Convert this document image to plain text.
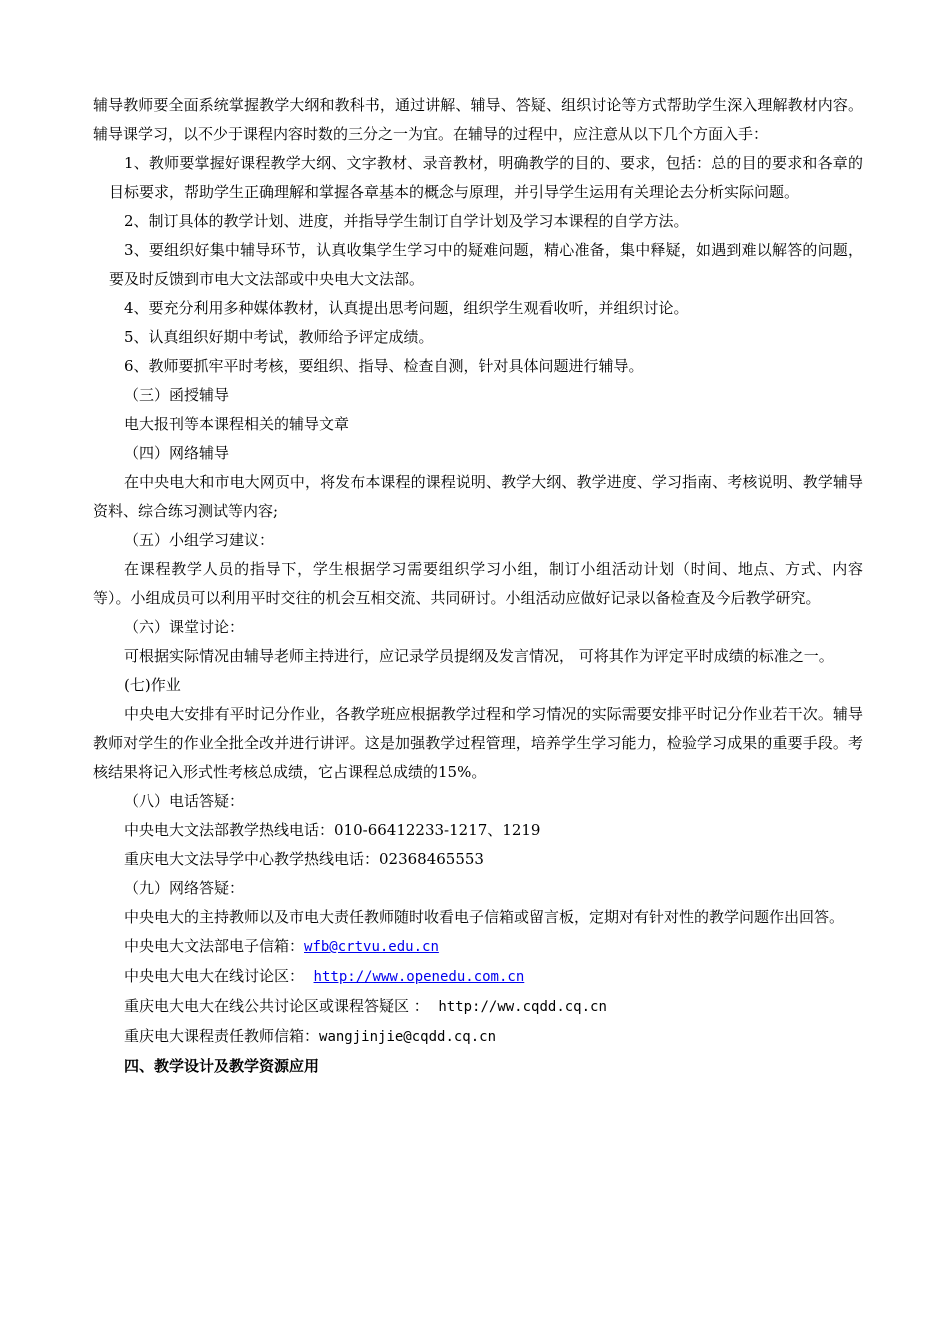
辅导教师要全面系统掌握教学大纲和教科书，通过讲解、辅导、答疑、组织讨论等方式帮助学生深入理解教材内容。辅导课学习，以不少于课程内容时数的三分之一为宜。在辅导的过程中，应注意从以下几个方面入手：

1、教师要掌握好课程教学大纲、文字教材、录音教材，明确教学的目的、要求，包括：总的目的要求和各章的目标要求，帮助学生正确理解和掌握各章基本的概念与原理，并引导学生运用有关理论去分析实际问题。

2、制订具体的教学计划、进度，并指导学生制订自学计划及学习本课程的自学方法。

3、要组织好集中辅导环节，认真收集学生学习中的疑难问题，精心准备，集中释疑，如遇到难以解答的问题，要及时反馈到市电大文法部或中央电大文法部。

4、要充分利用多种媒体教材，认真提出思考问题，组织学生观看收听，并组织讨论。

5、认真组织好期中考试，教师给予评定成绩。

6、教师要抓牢平时考核，要组织、指导、检查自测，针对具体问题进行辅导。

（三）函授辅导

电大报刊等本课程相关的辅导文章

（四）网络辅导

在中央电大和市电大网页中，将发布本课程的课程说明、教学大纲、教学进度、学习指南、考核说明、教学辅导资料、综合练习测试等内容;

（五）小组学习建议：

在课程教学人员的指导下，学生根据学习需要组织学习小组，制订小组活动计划（时间、地点、方式、内容等）。小组成员可以利用平时交往的机会互相交流、共同研讨。小组活动应做好记录以备检查及今后教学研究。

（六）课堂讨论：

可根据实际情况由辅导老师主持进行，应记录学员提纲及发言情况， 可将其作为评定平时成绩的标准之一。

(七)作业

中央电大安排有平时记分作业，各教学班应根据教学过程和学习情况的实际需要安排平时记分作业若干次。辅导教师对学生的作业全批全改并进行讲评。这是加强教学过程管理，培养学生学习能力，检验学习成果的重要手段。考核结果将记入形式性考核总成绩，它占课程总成绩的15%。

（八）电话答疑：

中央电大文法部教学热线电话：010-66412233-1217、1219

重庆电大文法导学中心教学热线电话：02368465553

（九）网络答疑：

中央电大的主持教师以及市电大责任教师随时收看电子信箱或留言板，定期对有针对性的教学问题作出回答。

中央电大文法部电子信箱：wfb@crtvu.edu.cn

中央电大电大在线讨论区：  http://www.openedu.com.cn

重庆电大电大在线公共讨论区或课程答疑区 ：  http://ww.cqdd.cq.cn

重庆电大课程责任教师信箱：wangjinjie@cqdd.cq.cn

四、教学设计及教学资源应用
